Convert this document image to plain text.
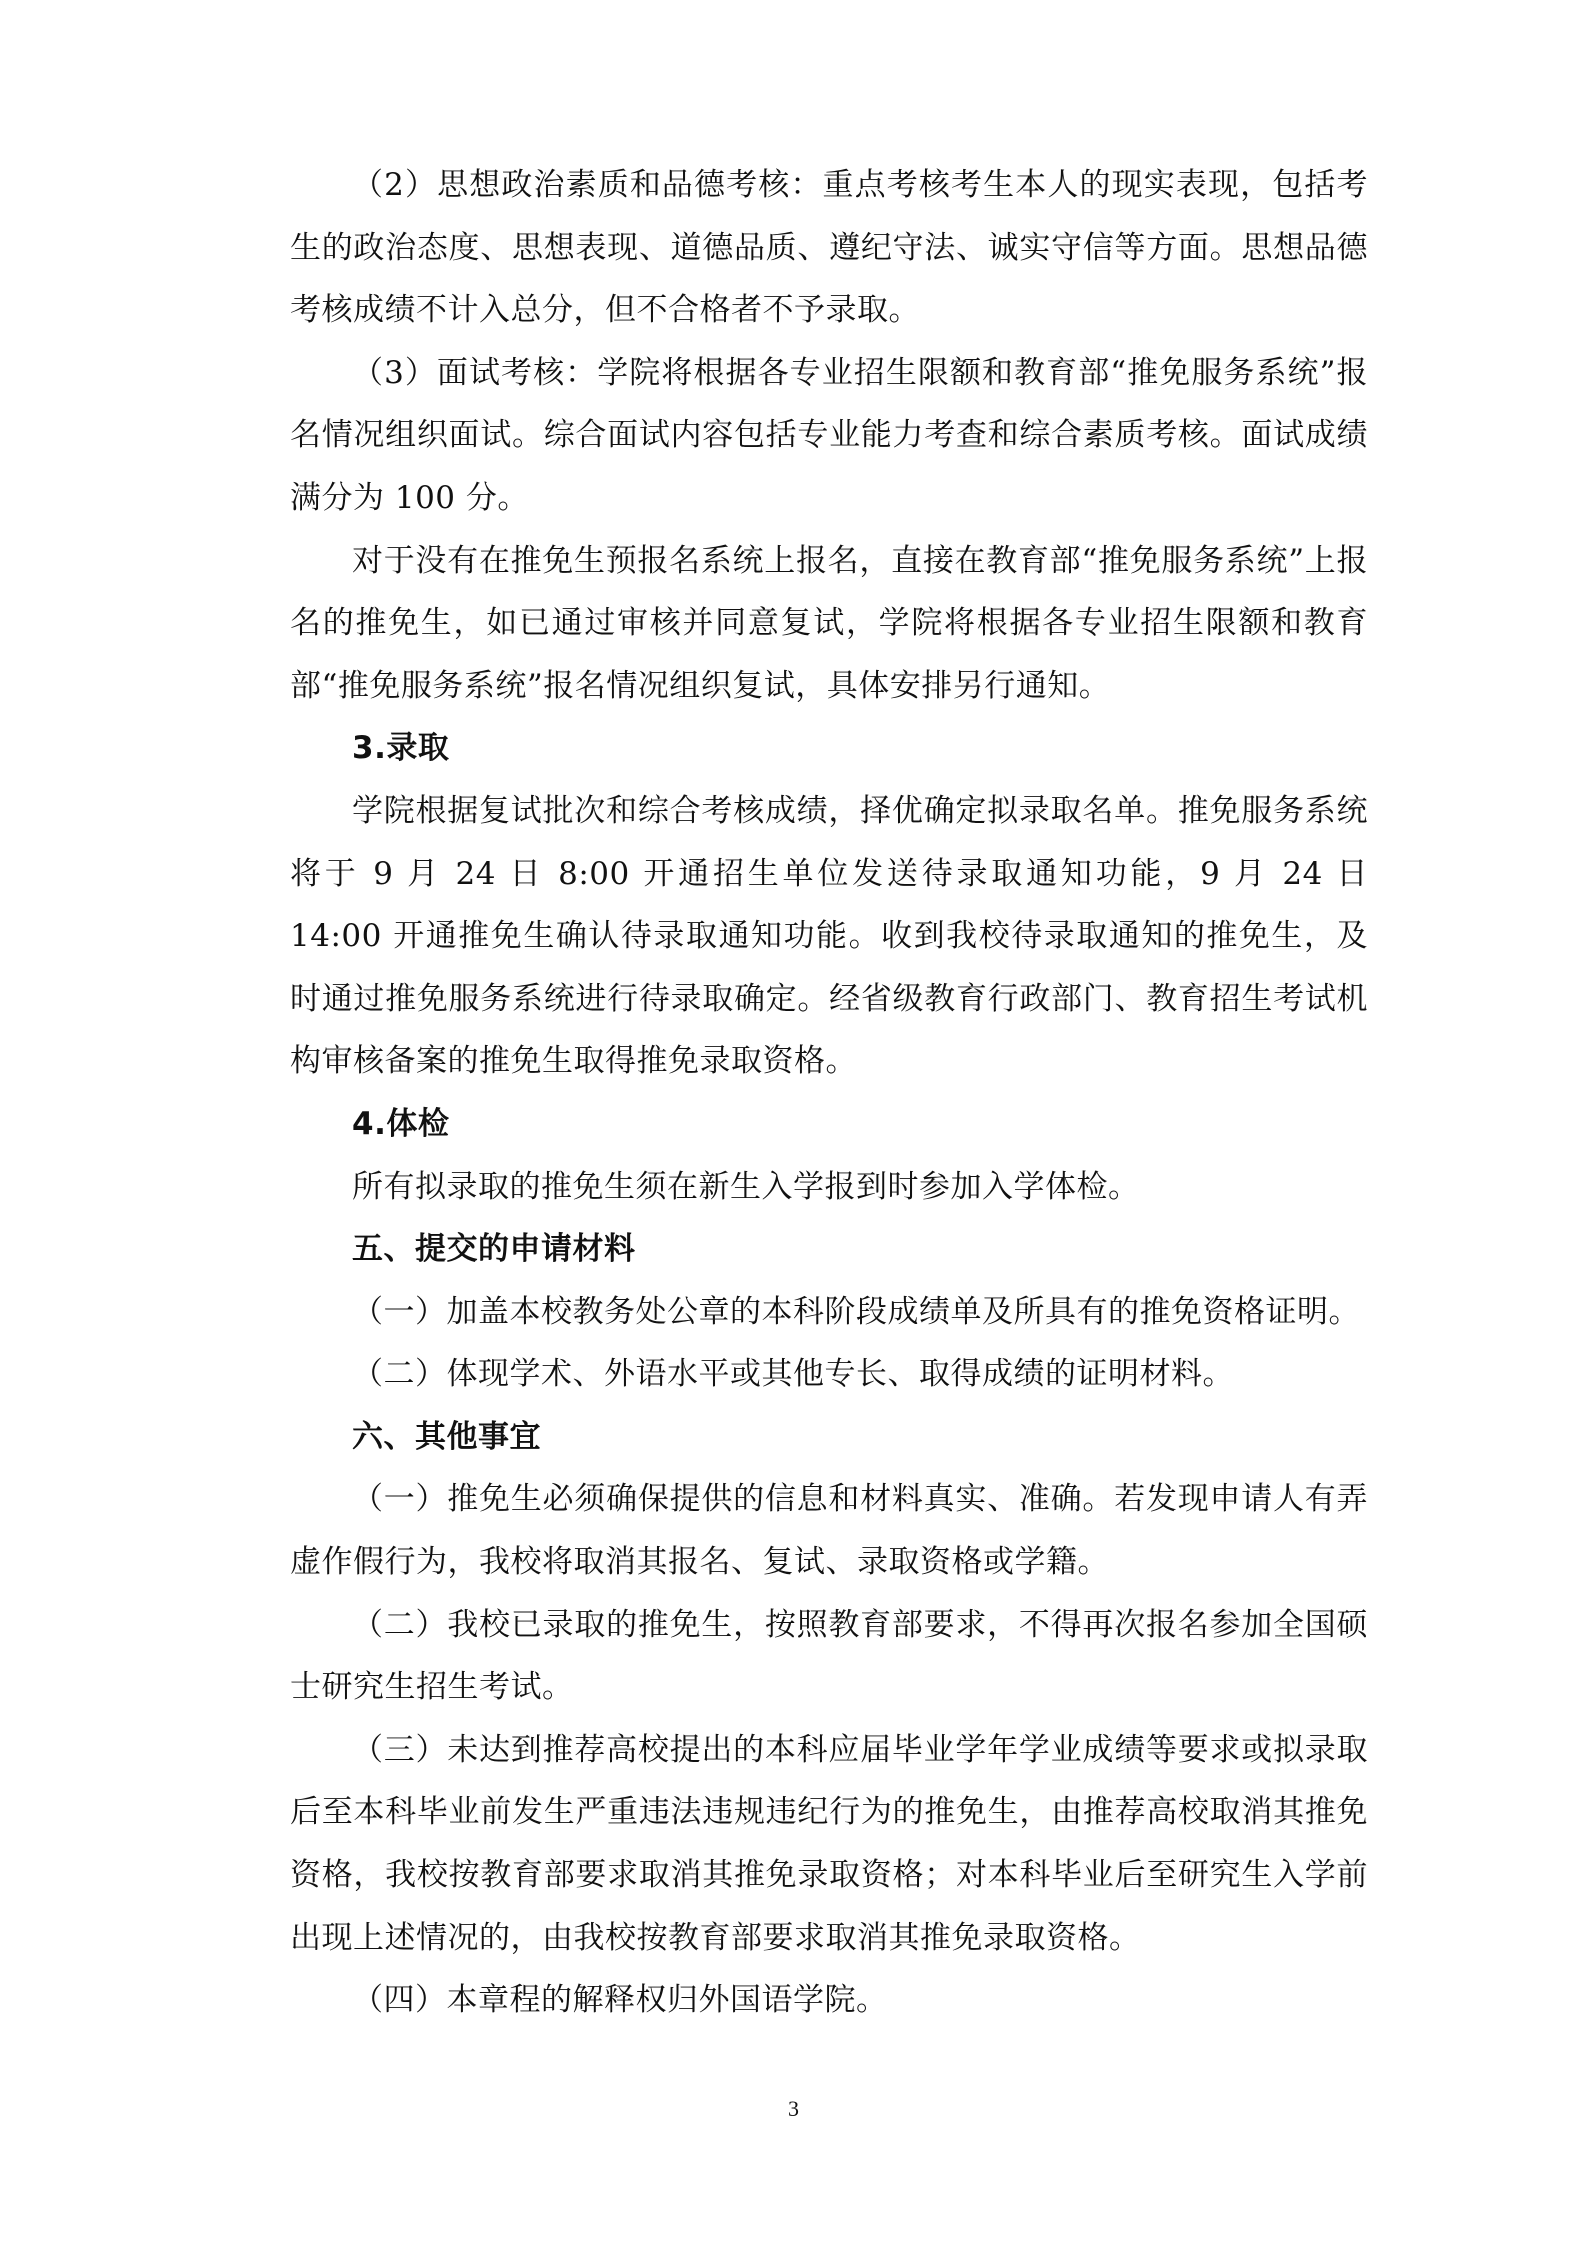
（2）思想政治素质和品德考核：重点考核考生本人的现实表现，包括考生的政治态度、思想表现、道德品质、遵纪守法、诚实守信等方面。思想品德考核成绩不计入总分，但不合格者不予录取。

（3）面试考核：学院将根据各专业招生限额和教育部“推免服务系统”报名情况组织面试。综合面试内容包括专业能力考查和综合素质考核。面试成绩满分为 100 分。

对于没有在推免生预报名系统上报名，直接在教育部“推免服务系统”上报名的推免生，如已通过审核并同意复试，学院将根据各专业招生限额和教育部“推免服务系统”报名情况组织复试，具体安排另行通知。

3.录取

学院根据复试批次和综合考核成绩，择优确定拟录取名单。推免服务系统将于 9 月 24 日 8:00 开通招生单位发送待录取通知功能，9 月 24 日 14:00 开通推免生确认待录取通知功能。收到我校待录取通知的推免生，及时通过推免服务系统进行待录取确定。经省级教育行政部门、教育招生考试机构审核备案的推免生取得推免录取资格。

4.体检

所有拟录取的推免生须在新生入学报到时参加入学体检。

五、提交的申请材料

（一）加盖本校教务处公章的本科阶段成绩单及所具有的推免资格证明。

（二）体现学术、外语水平或其他专长、取得成绩的证明材料。

六、其他事宜

（一）推免生必须确保提供的信息和材料真实、准确。若发现申请人有弄虚作假行为，我校将取消其报名、复试、录取资格或学籍。

（二）我校已录取的推免生，按照教育部要求，不得再次报名参加全国硕士研究生招生考试。

（三）未达到推荐高校提出的本科应届毕业学年学业成绩等要求或拟录取后至本科毕业前发生严重违法违规违纪行为的推免生，由推荐高校取消其推免资格，我校按教育部要求取消其推免录取资格；对本科毕业后至研究生入学前出现上述情况的，由我校按教育部要求取消其推免录取资格。

（四）本章程的解释权归外国语学院。

3
